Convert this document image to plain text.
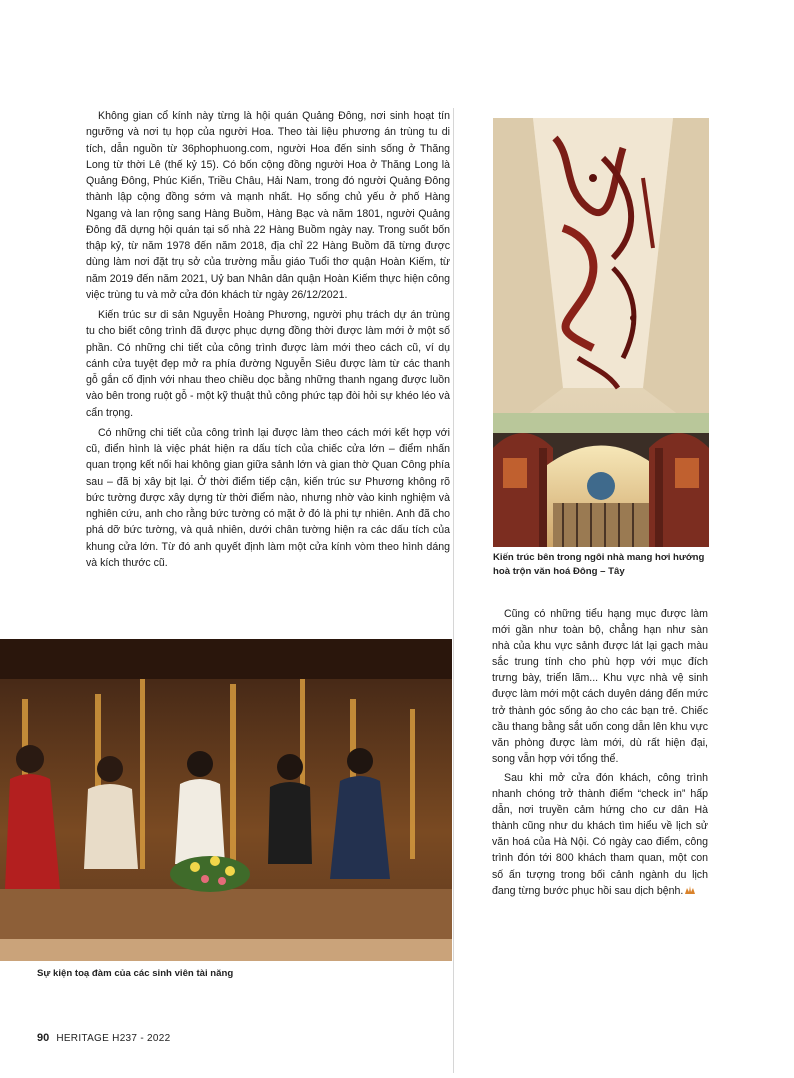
Không gian cổ kính này từng là hội quán Quảng Đông, nơi sinh hoạt tín ngưỡng và nơi tụ họp của người Hoa. Theo tài liệu phương án trùng tu di tích, dẫn nguồn từ 36phophuong.com, người Hoa đến sinh sống ở Thăng Long từ thời Lê (thế kỷ 15). Có bốn cộng đồng người Hoa ở Thăng Long là Quảng Đông, Phúc Kiến, Triều Châu, Hải Nam, trong đó người Quảng Đông thành lập cộng đồng sớm và mạnh nhất. Họ sống chủ yếu ở phố Hàng Ngang và lan rộng sang Hàng Buồm, Hàng Bạc và năm 1801, người Quảng Đông đã dựng hội quán tại số nhà 22 Hàng Buồm ngày nay. Trong suốt bốn thập kỷ, từ năm 1978 đến năm 2018, địa chỉ 22 Hàng Buồm đã từng được dùng làm nơi đặt trụ sở của trường mẫu giáo Tuổi thơ quận Hoàn Kiếm, từ năm 2019 đến năm 2021, Uỷ ban Nhân dân quận Hoàn Kiếm thực hiện công việc trùng tu và mở cửa đón khách từ ngày 26/12/2021.

Kiến trúc sư di sản Nguyễn Hoàng Phương, người phụ trách dự án trùng tu cho biết công trình đã được phục dựng đồng thời được làm mới ở một số phần. Có những chi tiết của công trình được làm mới theo cách cũ, ví dụ cánh cửa tuyệt đẹp mở ra phía đường Nguyễn Siêu được làm từ các thanh gỗ gắn cố định với nhau theo chiều dọc bằng những thanh ngang được luồn vào bên trong ruột gỗ - một kỹ thuật thủ công phức tạp đòi hỏi sự khéo léo và cẩn trọng.

Có những chi tiết của công trình lại được làm theo cách mới kết hợp với cũ, điển hình là việc phát hiện ra dấu tích của chiếc cửa lớn – điểm nhấn quan trọng kết nối hai không gian giữa sảnh lớn và gian thờ Quan Công phía sau – đã bị xây bịt lại. Ở thời điểm tiếp cận, kiến trúc sư Phương không rõ bức tường được xây dựng từ thời điểm nào, nhưng nhờ vào kinh nghiệm và nghiên cứu, anh cho rằng bức tường có mặt ở đó là phi tự nhiên. Anh đã cho phá dỡ bức tường, và quả nhiên, dưới chân tường hiện ra các dấu tích của khung cửa lớn. Từ đó anh quyết định làm một cửa kính vòm theo hình dáng và kích thước cũ.	Kiến trúc bên trong ngôi nhà mang hơi hướng hoà trộn văn hoá Đông – Tây
Sự kiện toạ đàm của các sinh viên tài năng

Cũng có những tiểu hạng mục được làm mới gần như toàn bộ, chẳng hạn như sàn nhà của khu vực sảnh được lát lại gạch màu sắc trung tính cho phù hợp với mục đích trưng bày, triển lãm... Khu vực nhà vệ sinh được làm mới một cách duyên dáng đến mức trở thành góc sống ảo cho các bạn trẻ. Chiếc cầu thang bằng sắt uốn cong dẫn lên khu vực văn phòng được làm mới, dù rất hiện đại, song vẫn hợp với tổng thể.

Sau khi mở cửa đón khách, công trình nhanh chóng trở thành điểm “check in” hấp dẫn, nơi truyền cảm hứng cho cư dân Hà thành cũng như du khách tìm hiểu về lịch sử văn hoá của Hà Nội. Có ngày cao điểm, công trình đón tới 800 khách tham quan, một con số ấn tượng trong bối cảnh ngành du lịch đang từng bước phục hồi sau dịch bệnh.

90 HERITAGE H237 - 2022
